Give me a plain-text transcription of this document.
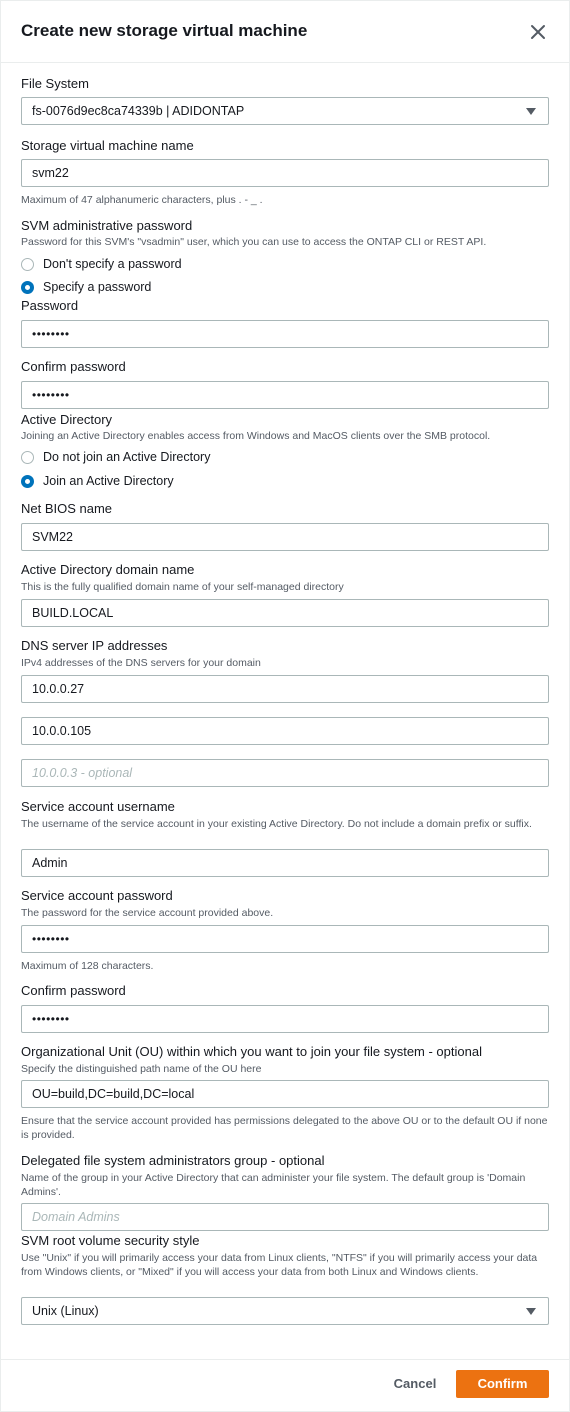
Create new storage virtual machine
File System
fs-0076d9ec8ca74339b | ADIDONTAP
Storage virtual machine name
svm22
Maximum of 47 alphanumeric characters, plus . - _ .
SVM administrative password
Password for this SVM's "vsadmin" user, which you can use to access the ONTAP CLI or REST API.
Don't specify a password
Specify a password
Password
••••••••
Confirm password
••••••••
Active Directory
Joining an Active Directory enables access from Windows and MacOS clients over the SMB protocol.
Do not join an Active Directory
Join an Active Directory
Net BIOS name
SVM22
Active Directory domain name
This is the fully qualified domain name of your self-managed directory
BUILD.LOCAL
DNS server IP addresses
IPv4 addresses of the DNS servers for your domain
10.0.0.27
10.0.0.105
10.0.0.3 - optional
Service account username
The username of the service account in your existing Active Directory. Do not include a domain prefix or suffix.
Admin
Service account password
The password for the service account provided above.
••••••••
Maximum of 128 characters.
Confirm password
••••••••
Organizational Unit (OU) within which you want to join your file system - optional
Specify the distinguished path name of the OU here
OU=build,DC=build,DC=local
Ensure that the service account provided has permissions delegated to the above OU or to the default OU if none is provided.
Delegated file system administrators group - optional
Name of the group in your Active Directory that can administer your file system. The default group is 'Domain Admins'.
Domain Admins
SVM root volume security style
Use "Unix" if you will primarily access your data from Linux clients, "NTFS" if you will primarily access your data from Windows clients, or "Mixed" if you will access your data from both Linux and Windows clients.
Unix (Linux)
Cancel	Confirm
